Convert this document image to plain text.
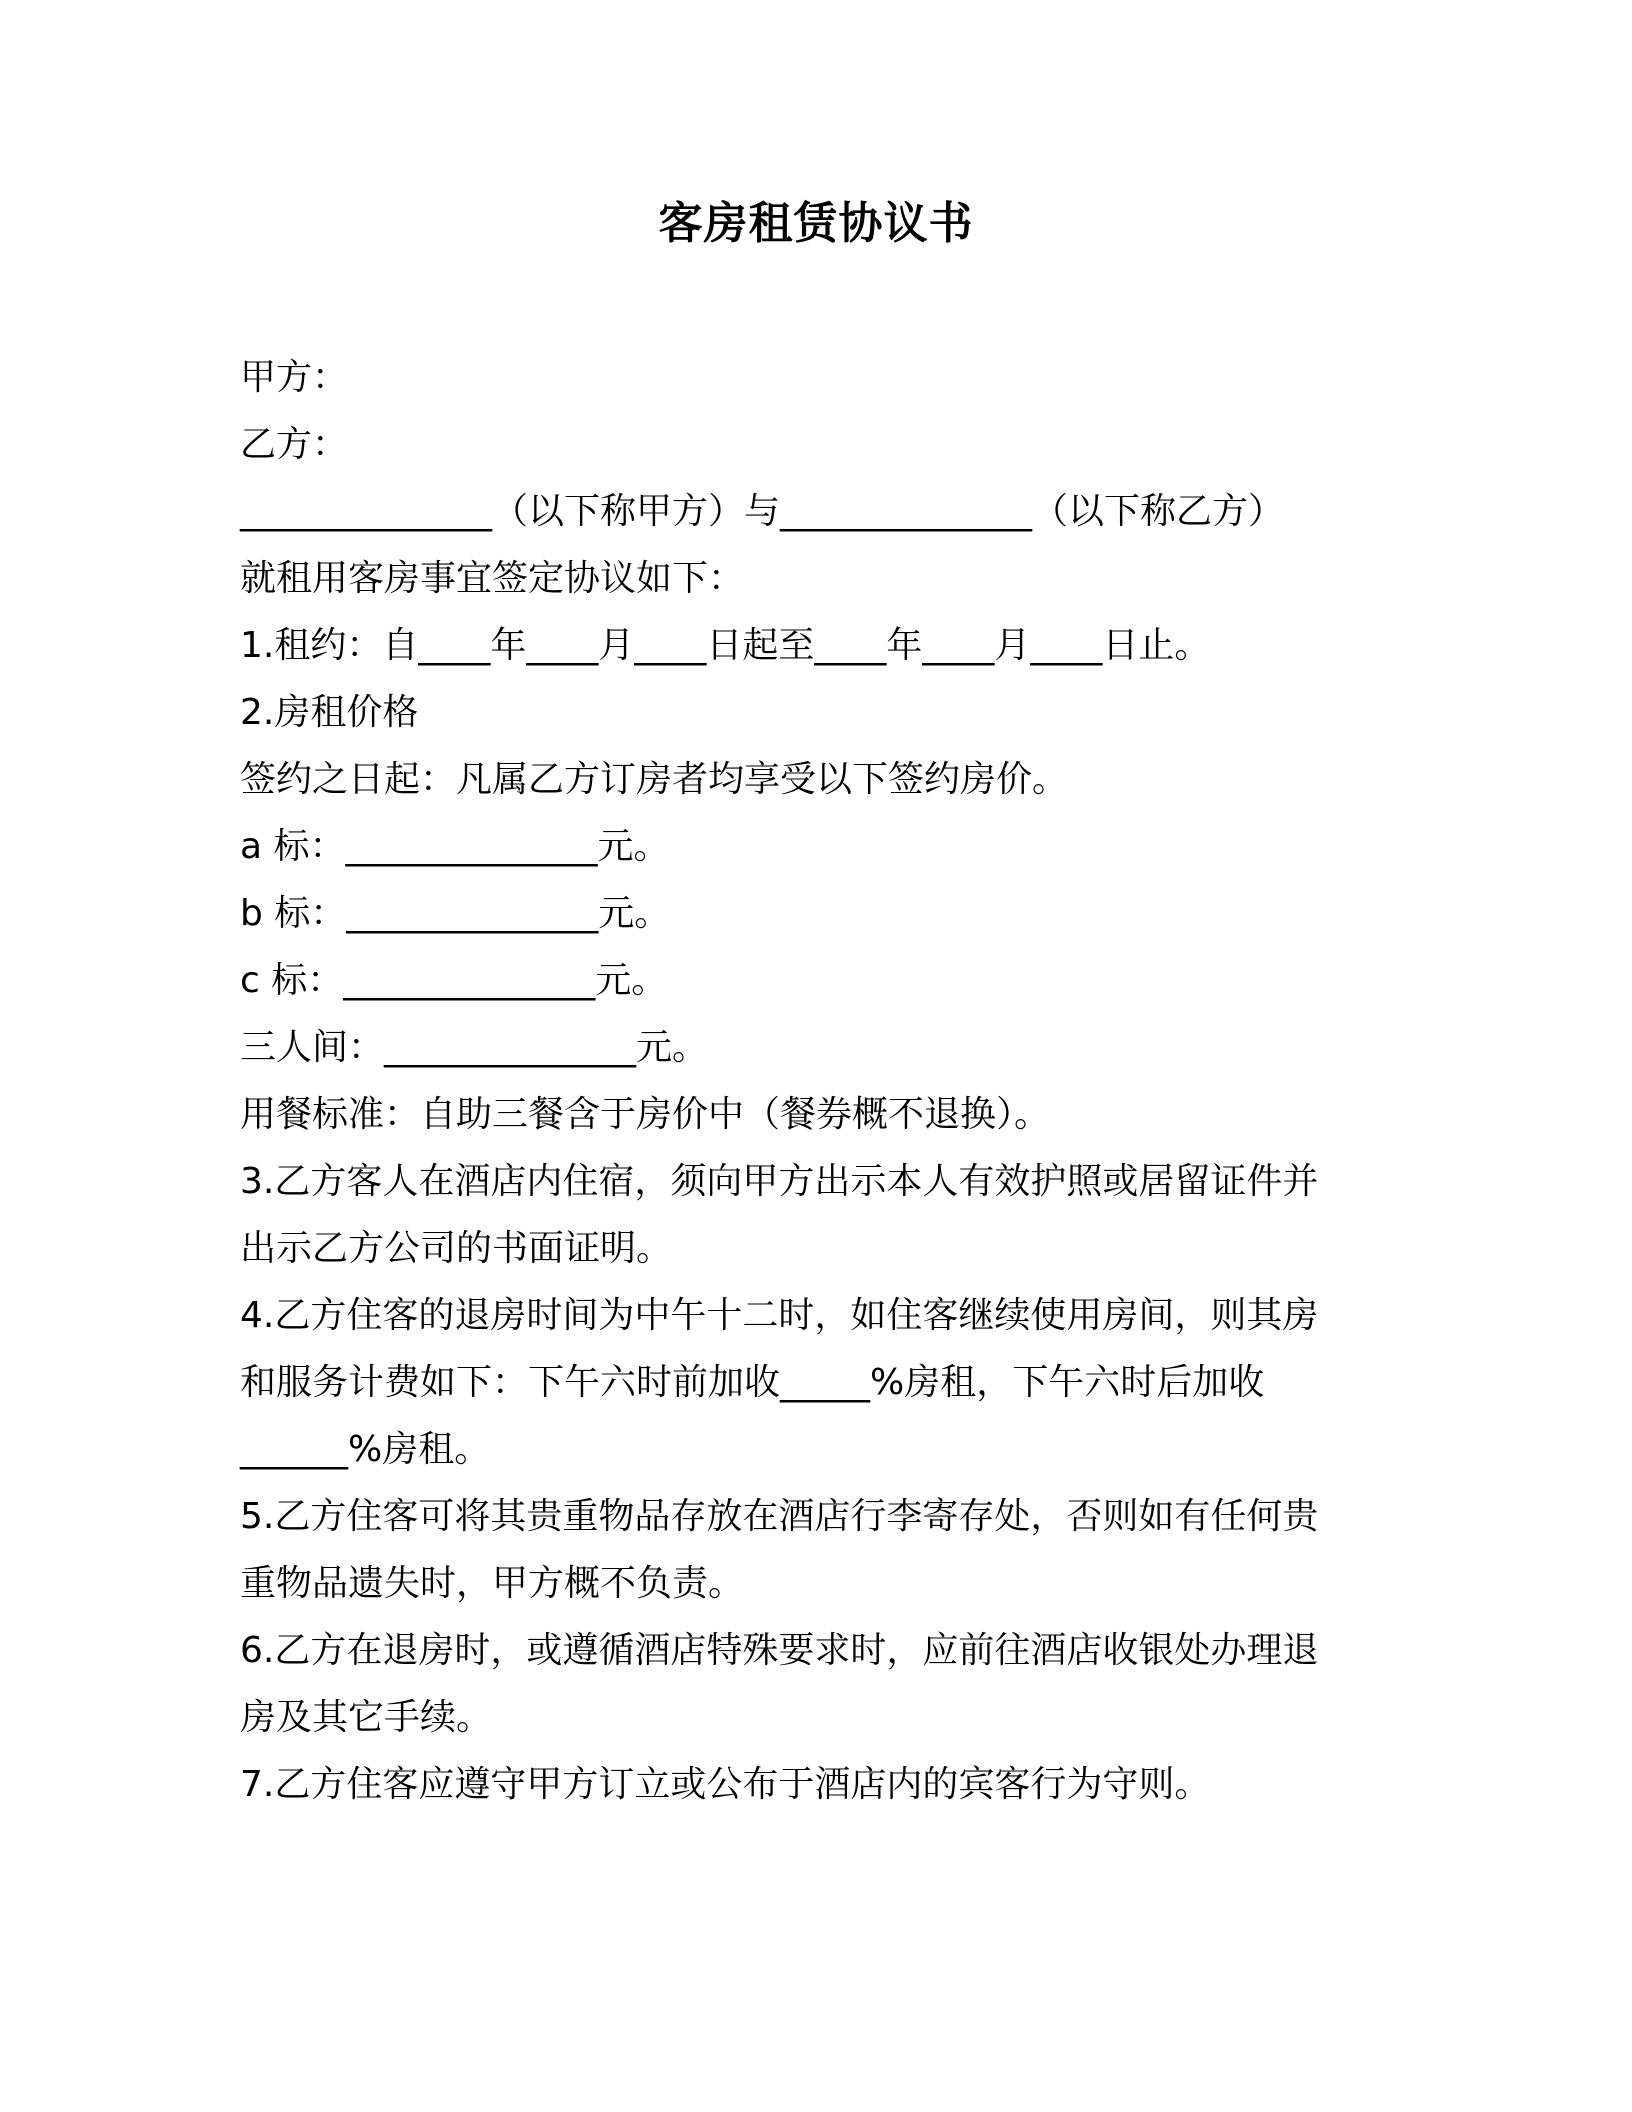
客房租赁协议书
甲方：
乙方：
______________（以下称甲方）与______________（以下称乙方）
就租用客房事宜签定协议如下：
1.租约：自____年____月____日起至____年____月____日止。
2.房租价格
签约之日起：凡属乙方订房者均享受以下签约房价。
a 标：______________元。
b 标：______________元。
c 标：______________元。
三人间：______________元。
用餐标准：自助三餐含于房价中（餐券概不退换）。
3.乙方客人在酒店内住宿，须向甲方出示本人有效护照或居留证件并
出示乙方公司的书面证明。
4.乙方住客的退房时间为中午十二时，如住客继续使用房间，则其房
和服务计费如下：下午六时前加收_____%房租，下午六时后加收
______%房租。
5.乙方住客可将其贵重物品存放在酒店行李寄存处，否则如有任何贵
重物品遗失时，甲方概不负责。
6.乙方在退房时，或遵循酒店特殊要求时，应前往酒店收银处办理退
房及其它手续。
7.乙方住客应遵守甲方订立或公布于酒店内的宾客行为守则。
